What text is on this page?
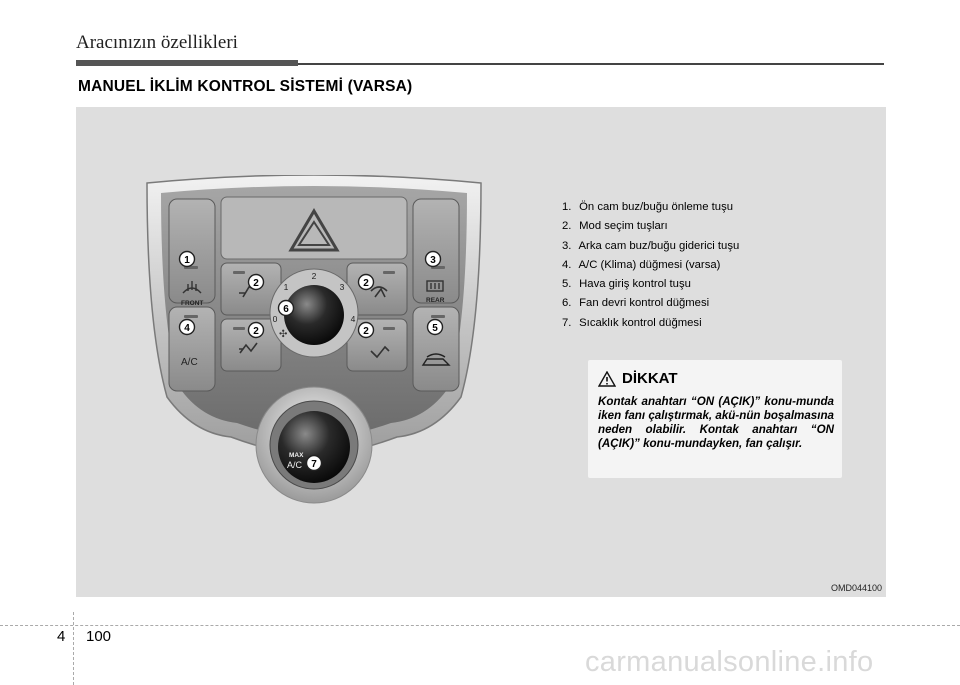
Aracınızın özellikleri
MANUEL İKLİM KONTROL SİSTEMİ (VARSA)
FRONT	REAR
A/C
0
1
2
3
4
✣
MAX
A/C
1
2	2
2	2
3
4	5
6
7
1. Ön cam buz/buğu önleme tuşu
2. Mod seçim tuşları
3. Arka cam buz/buğu giderici tuşu
4. A/C (Klima) düğmesi (varsa)
5. Hava giriş kontrol tuşu
6. Fan devri kontrol düğmesi
7. Sıcaklık kontrol düğmesi
DİKKAT
Kontak anahtarı “ON (AÇIK)” konu-munda iken fanı çalıştırmak, akü-nün boşalmasına neden olabilir. Kontak anahtarı “ON (AÇIK)” konu-mundayken, fan çalışır.
OMD044100
4 100
carmanualsonline.info
